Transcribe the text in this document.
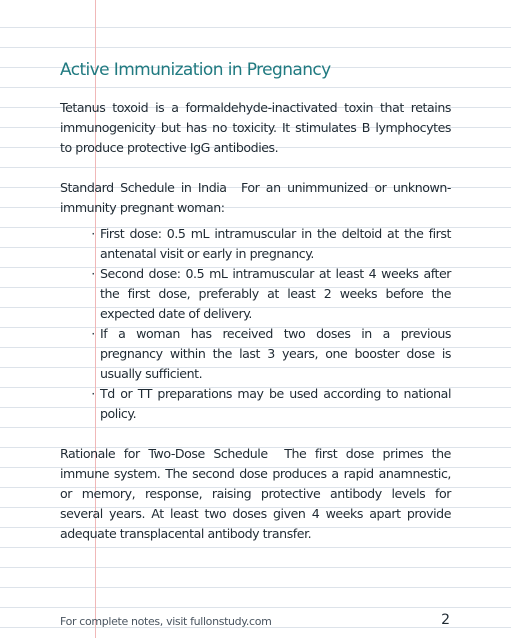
Active Immunization in Pregnancy

Tetanus toxoid is a formaldehyde-inactivated toxin that retains immunogenicity but has no toxicity. It stimulates B lymphocytes to produce protective IgG antibodies.

Standard Schedule in India For an unimmunized or unknown-immunity pregnant woman:

· First dose: 0.5 mL intramuscular in the deltoid at the first antenatal visit or early in pregnancy.
· Second dose: 0.5 mL intramuscular at least 4 weeks after the first dose, preferably at least 2 weeks before the expected date of delivery.
· If a woman has received two doses in a previous pregnancy within the last 3 years, one booster dose is usually sufficient.
· Td or TT preparations may be used according to national policy.

Rationale for Two-Dose Schedule The first dose primes the immune system. The second dose produces a rapid anamnestic, or memory, response, raising protective antibody levels for several years. At least two doses given 4 weeks apart provide adequate transplacental antibody transfer.

For complete notes, visit fullonstudy.com	2
